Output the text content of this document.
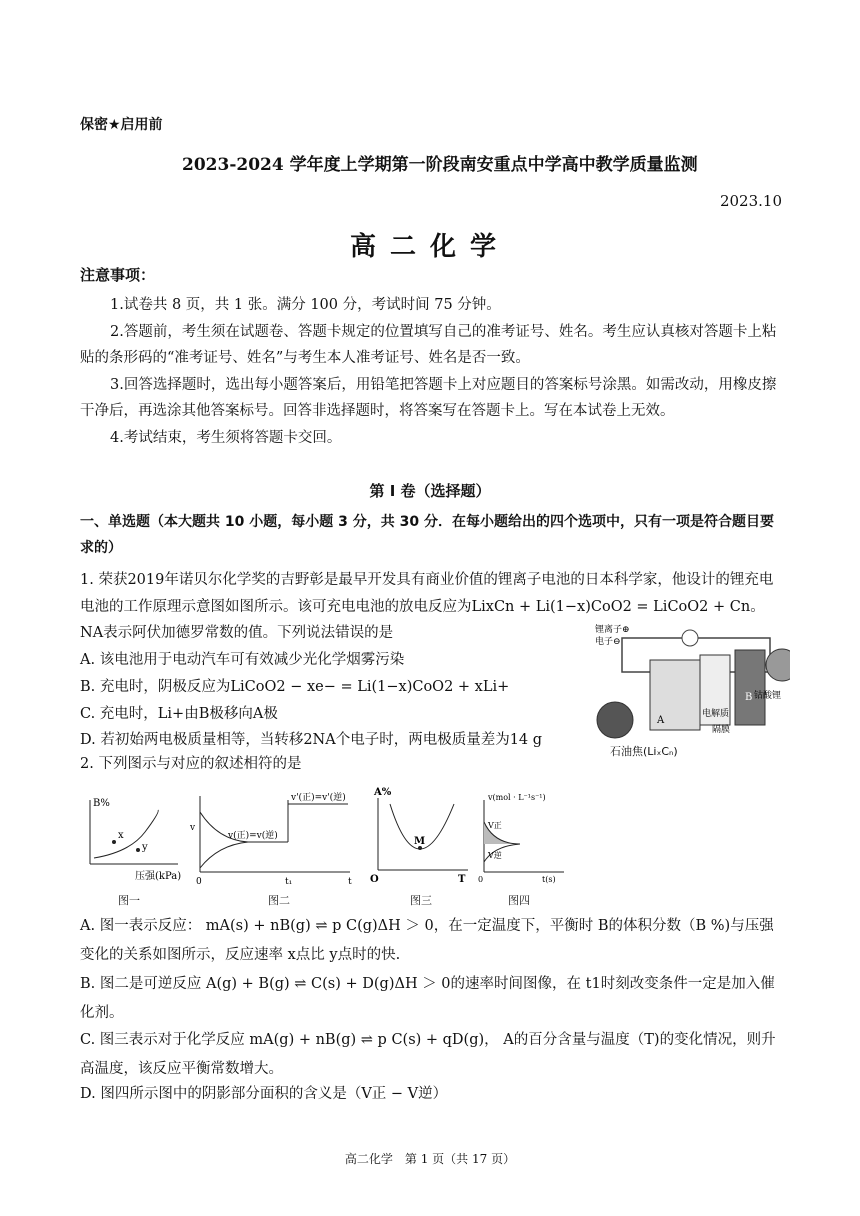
保密★启用前
2023-2024 学年度上学期第一阶段南安重点中学高中教学质量监测
2023.10
高二化学
注意事项：

1.试卷共 8 页，共 1 张。满分 100 分，考试时间 75 分钟。

2.答题前，考生须在试题卷、答题卡规定的位置填写自己的准考证号、姓名。考生应认真核对答题卡上粘贴的条形码的“准考证号、姓名”与考生本人准考证号、姓名是否一致。

3.回答选择题时，选出每小题答案后，用铅笔把答题卡上对应题目的答案标号涂黑。如需改动，用橡皮擦干净后，再选涂其他答案标号。回答非选择题时，将答案写在答题卡上。写在本试卷上无效。

4.考试结束，考生须将答题卡交回。

第 I 卷（选择题）
一、单选题（本大题共 10 小题，每小题 3 分，共 30 分．在每小题给出的四个选项中，只有一项是符合题目要求的）
1. 荣获2019年诺贝尔化学奖的吉野彰是最早开发具有商业价值的锂离子电池的日本科学家，他设计的锂充电电池的工作原理示意图如图所示。该可充电电池的放电反应为LixCn + Li(1−x)CoO2 = LiCoO2 + Cn。NA表示阿伏加德罗常数的值。下列说法错误的是
A. 该电池用于电动汽车可有效减少光化学烟雾污染
B. 充电时，阴极反应为LiCoO2 − xe− = Li(1−x)CoO2 + xLi+
C. 充电时，Li+由B极移向A极
D. 若初始两电极质量相等，当转移2NA个电子时，两电极质量差为14 g
锂离子⊕
电子⊖
A
B
电解质
隔膜
钴酸锂
石油焦(LiₓCₙ)
2. 下列图示与对应的叙述相符的是
B%
x
y
压强(kPa)
图一
v
v(正)=v(逆)
v'(正)=v'(逆)
0	t₁	t
图二
A%
M
O	T
图三
v(mol · L⁻¹s⁻¹)
V正
V逆
0	t(s)
图四
A. 图一表示反应： mA(s) + nB(g) ⇌ p C(g)ΔH ＞ 0，在一定温度下，平衡时 B的体积分数（B %)与压强变化的关系如图所示，反应速率 x点比 y点时的快.
B. 图二是可逆反应 A(g) + B(g) ⇌ C(s) + D(g)ΔH ＞ 0的速率时间图像，在 t1时刻改变条件一定是加入催化剂。
C. 图三表示对于化学反应 mA(g) + nB(g) ⇌ p C(s) + qD(g)， A的百分含量与温度（T)的变化情况，则升高温度，该反应平衡常数增大。
D. 图四所示图中的阴影部分面积的含义是（V正 − V逆）
高二化学　第 1 页（共 17 页）
